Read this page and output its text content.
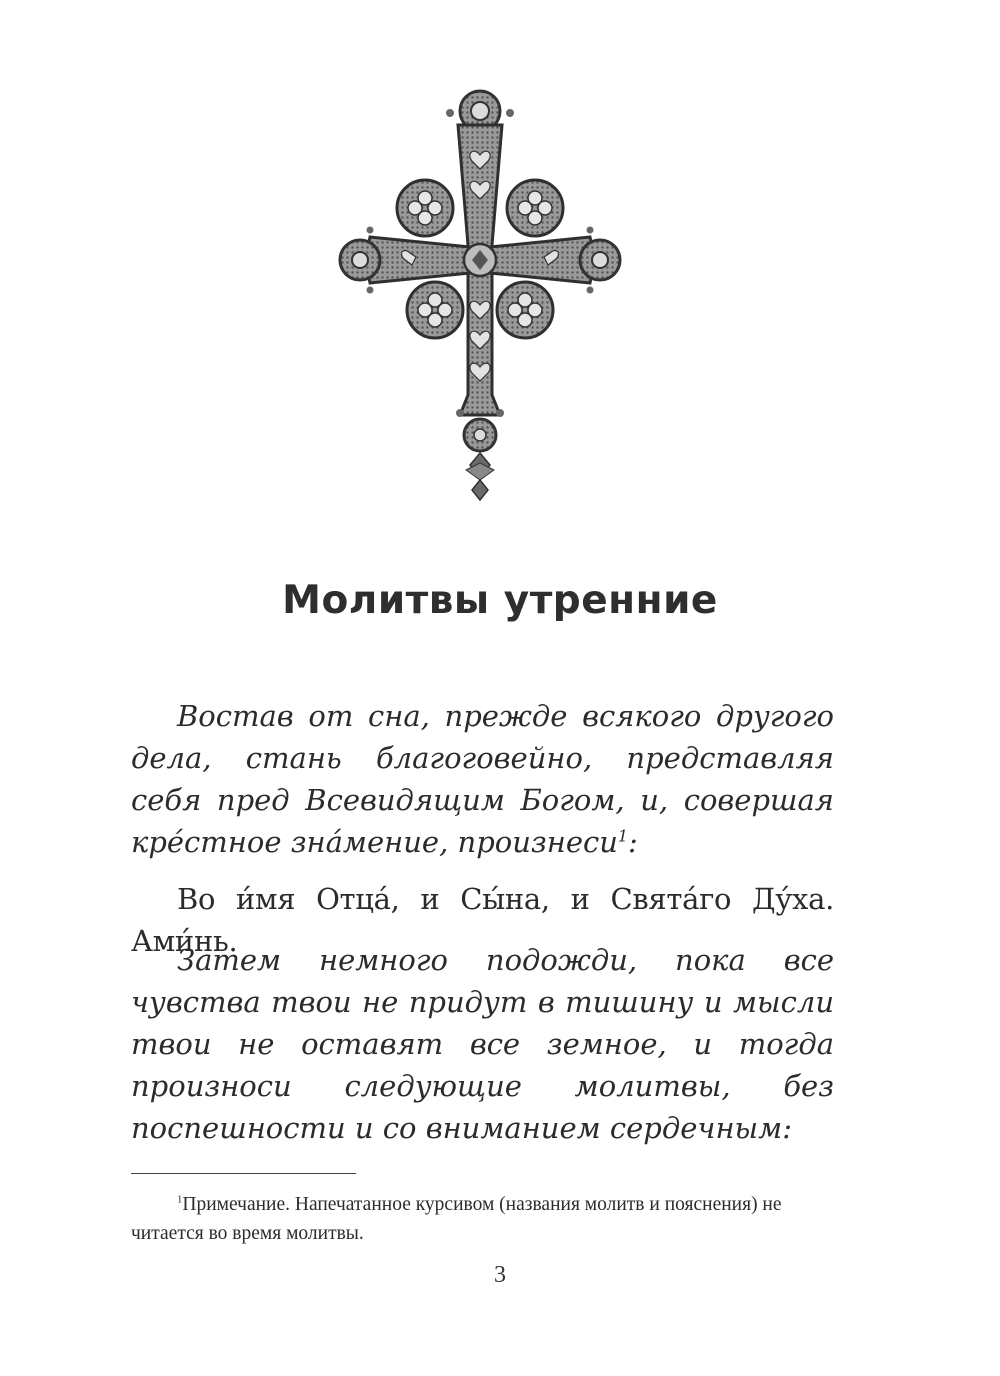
Молитвы утренние

Востав от сна, прежде всякого другого дела, стань благоговейно, представляя себя пред Всевидящим Богом, и, совершая кре́стное зна́мение, произнеси$^1$:

Во и́мя Отца́, и Сы́на, и Свята́го Ду́ха. Ами́нь.

Затем немного подожди, пока все чувства твои не придут в тишину и мысли твои не оставят все земное, и тогда произноси следующие молитвы, без поспешности и со вниманием сердечным:

$^1$Примечание. Напечатанное курсивом (названия молитв и пояснения) не читается во время молитвы.

3
